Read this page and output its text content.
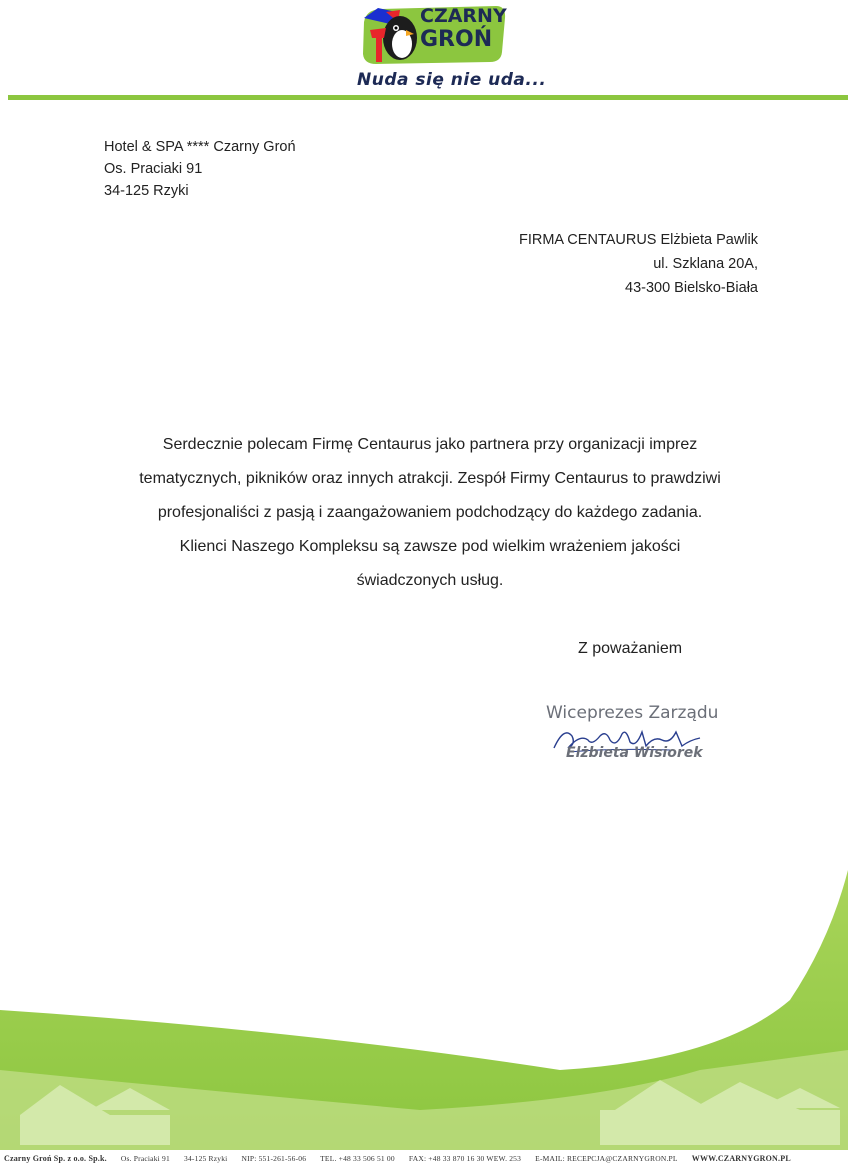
CZARNY
GROŃ
Nuda się nie uda...
Hotel & SPA **** Czarny Groń
Os. Praciaki 91
34-125 Rzyki
FIRMA CENTAURUS Elżbieta Pawlik
ul. Szklana 20A,
43-300 Bielsko-Biała
Serdecznie polecam Firmę Centaurus jako partnera przy organizacji imprez
tematycznych, pikników oraz innych atrakcji. Zespół Firmy Centaurus to prawdziwi
profesjonaliści z pasją i zaangażowaniem podchodzący do każdego zadania.
Klienci Naszego Kompleksu są zawsze pod wielkim wrażeniem jakości
świadczonych usług.
Z poważaniem
Wiceprezes Zarządu
Elżbieta Wisiorek
Czarny Groń Sp. z o.o. Sp.k. Os. Praciaki 91 34-125 Rzyki NIP: 551-261-56-06 TEL. +48 33 506 51 00 FAX: +48 33 870 16 30 WEW. 253 E-MAIL: RECEPCJA@CZARNYGRON.PL WWW.CZARNYGRON.PL
